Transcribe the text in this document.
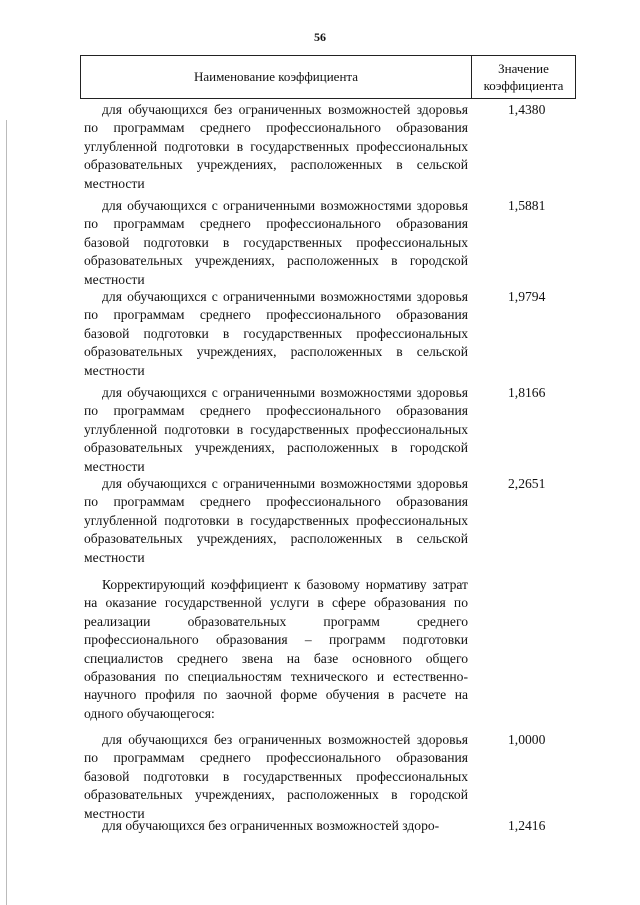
56
Наименование коэффициента
Значение
коэффициента
для обучающихся без ограниченных возможностей здоровья по программам среднего профессионального образования углубленной подготовки в государственных профессиональных образовательных учреждениях, расположенных в сельской местности
1,4380
для обучающихся с ограниченными возможностями здоровья по программам среднего профессионального образования базовой подготовки в государственных профессиональных образовательных учреждениях, расположенных в городской местности
1,5881
для обучающихся с ограниченными возможностями здоровья по программам среднего профессионального образования базовой подготовки в государственных профессиональных образовательных учреждениях, расположенных в сельской местности
1,9794
для обучающихся с ограниченными возможностями здоровья по программам среднего профессионального образования углубленной подготовки в государственных профессиональных образовательных учреждениях, расположенных в городской местности
1,8166
для обучающихся с ограниченными возможностями здоровья по программам среднего профессионального образования углубленной подготовки в государственных профессиональных образовательных учреждениях, расположенных в сельской местности
2,2651
Корректирующий коэффициент к базовому нормативу затрат на оказание государственной услуги в сфере образования по реализации образовательных программ среднего профессионального образования – программ подготовки специалистов среднего звена на базе основного общего образования по специальностям технического и естественно-научного профиля по заочной форме обучения в расчете на одного обучающегося:
для обучающихся без ограниченных возможностей здоровья по программам среднего профессионального образования базовой подготовки в государственных профессиональных образовательных учреждениях, расположенных в городской местности
1,0000
для обучающихся без ограниченных возможностей здоро-	1,2416
